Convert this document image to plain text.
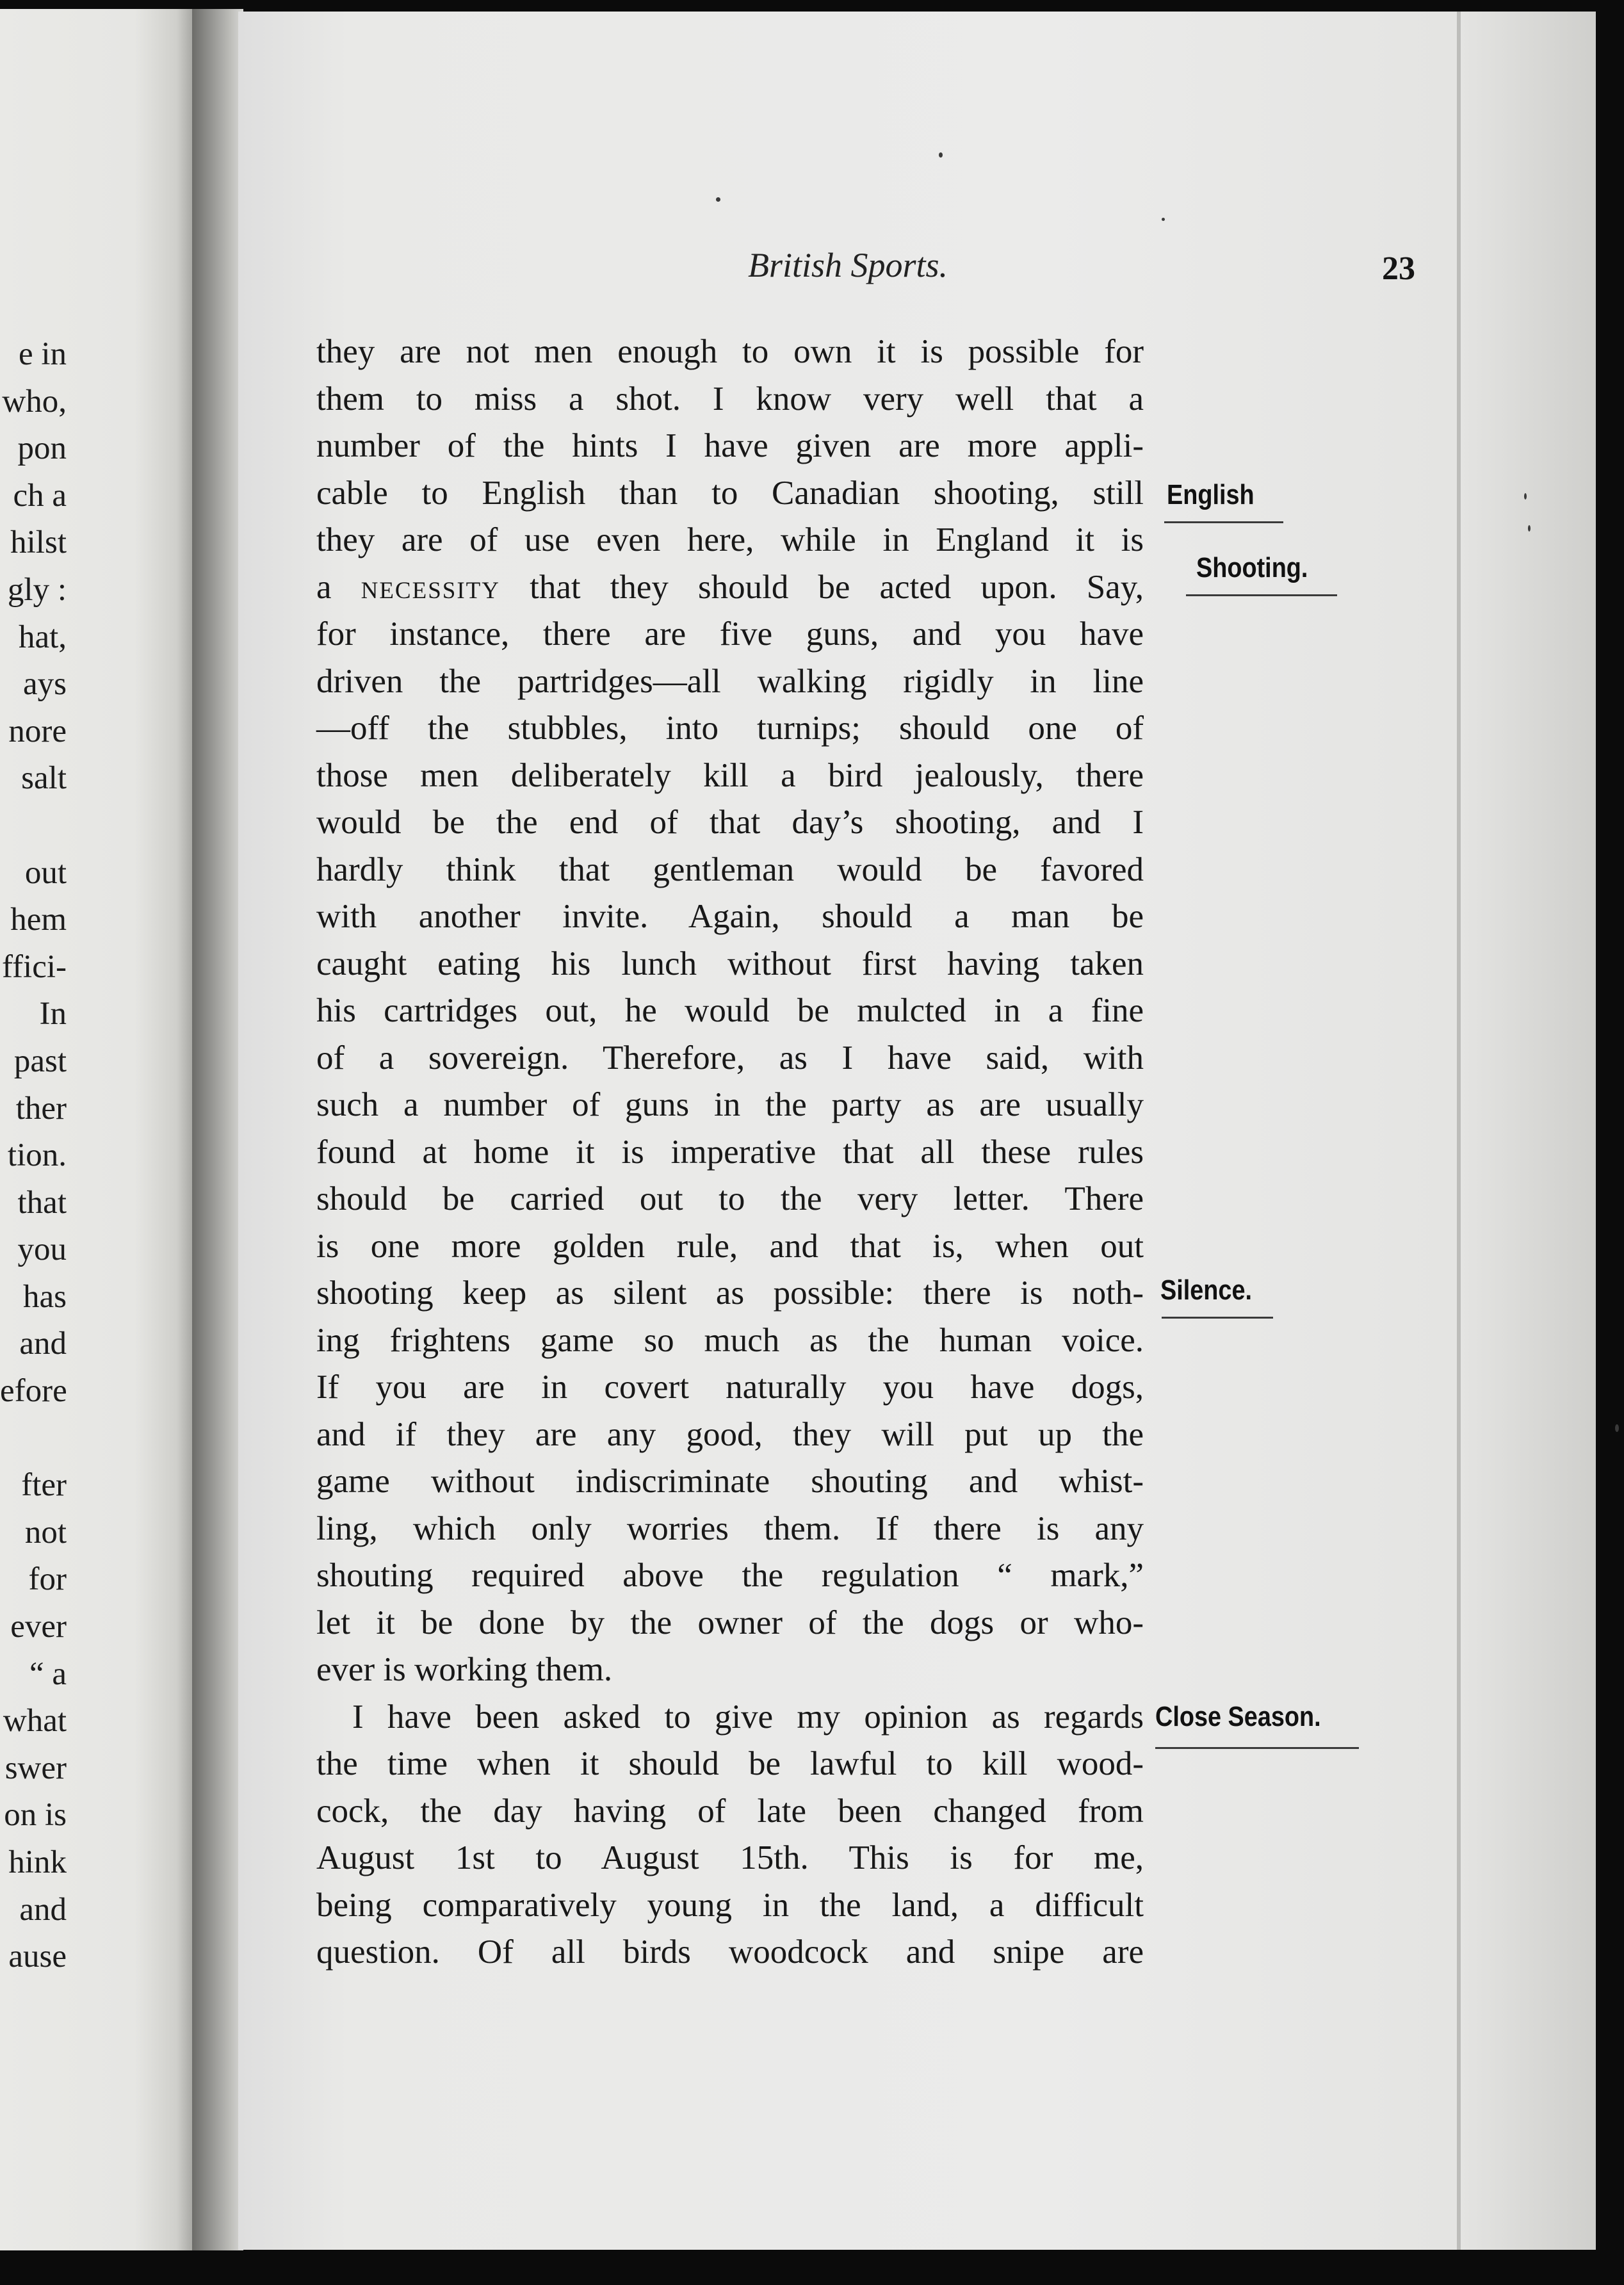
e in
who,
pon
ch a
hilst
gly :
hat,
ays
nore
salt
out
hem
ffici-
In
past
ther
tion.
that
you
has
and
efore
fter
not
for
ever
“ a
what
swer
on is
hink
and
ause
British Sports.	23
they are not men enough to own it is possible for
them to miss a shot. I know very well that a
number of the hints I have given are more appli-
cable to English than to Canadian shooting, still
they are of use even here, while in England it is
a necessity that they should be acted upon. Say,
for instance, there are five guns, and you have
driven the partridges—all walking rigidly in line
—off the stubbles, into turnips; should one of
those men deliberately kill a bird jealously, there
would be the end of that day’s shooting, and I
hardly think that gentleman would be favored
with another invite. Again, should a man be
caught eating his lunch without first having taken
his cartridges out, he would be mulcted in a fine
of a sovereign. Therefore, as I have said, with
such a number of guns in the party as are usually
found at home it is imperative that all these rules
should be carried out to the very letter. There
is one more golden rule, and that is, when out
shooting keep as silent as possible: there is noth-
ing frightens game so much as the human voice.
If you are in covert naturally you have dogs,
and if they are any good, they will put up the
game without indiscriminate shouting and whist-
ling, which only worries them. If there is any
shouting required above the regulation “ mark,”
let it be done by the owner of the dogs or who-
ever is working them.
I have been asked to give my opinion as regards
the time when it should be lawful to kill wood-
cock, the day having of late been changed from
August 1st to August 15th. This is for me,
being comparatively young in the land, a difficult
question. Of all birds woodcock and snipe are
English
Shooting.
Silence.
Close Season.
